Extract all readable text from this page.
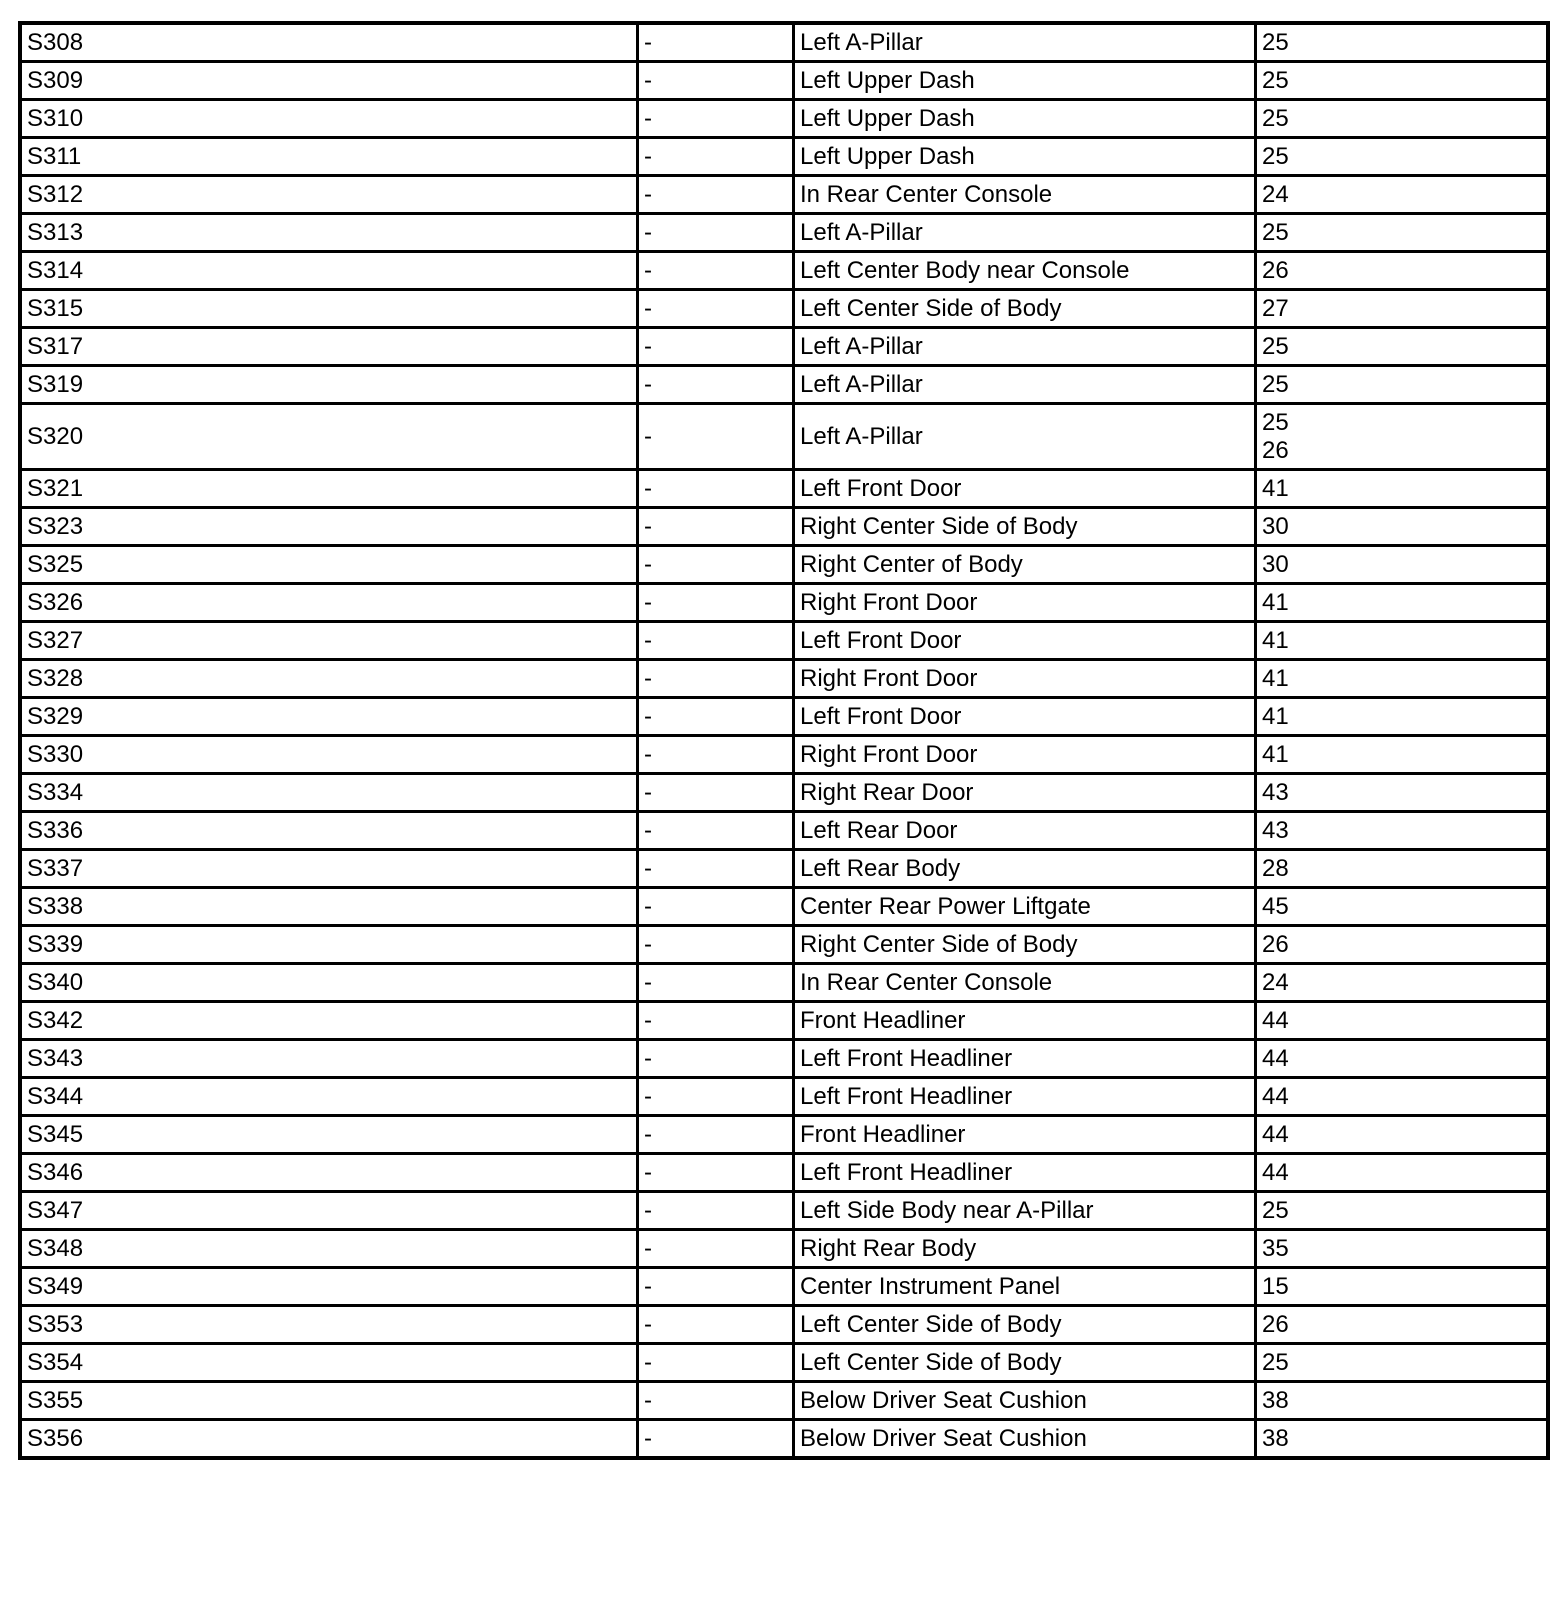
S308	-	Left A-Pillar	25

S309	-	Left Upper Dash	25

S310	-	Left Upper Dash	25

S311	-	Left Upper Dash	25

S312	-	In Rear Center Console	24

S313	-	Left A-Pillar	25

S314	-	Left Center Body near Console	26

S315	-	Left Center Side of Body	27

S317	-	Left A-Pillar	25

S319	-	Left A-Pillar	25

S320	-	Left A-Pillar	25
26

S321	-	Left Front Door	41

S323	-	Right Center Side of Body	30

S325	-	Right Center of Body	30

S326	-	Right Front Door	41

S327	-	Left Front Door	41

S328	-	Right Front Door	41

S329	-	Left Front Door	41

S330	-	Right Front Door	41

S334	-	Right Rear Door	43

S336	-	Left Rear Door	43

S337	-	Left Rear Body	28

S338	-	Center Rear Power Liftgate	45

S339	-	Right Center Side of Body	26

S340	-	In Rear Center Console	24

S342	-	Front Headliner	44

S343	-	Left Front Headliner	44

S344	-	Left Front Headliner	44

S345	-	Front Headliner	44

S346	-	Left Front Headliner	44

S347	-	Left Side Body near A-Pillar	25

S348	-	Right Rear Body	35

S349	-	Center Instrument Panel	15

S353	-	Left Center Side of Body	26

S354	-	Left Center Side of Body	25

S355	-	Below Driver Seat Cushion	38

S356	-	Below Driver Seat Cushion	38
